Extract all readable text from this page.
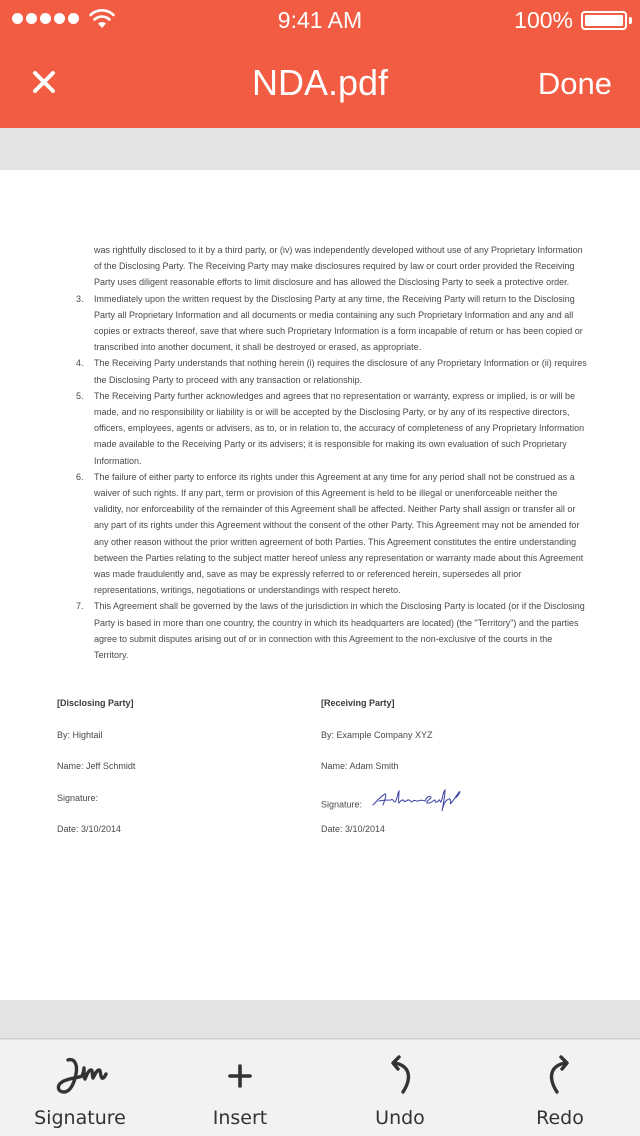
9:41 AM	100%
NDA.pdf	Done

was rightfully disclosed to it by a third party, or (iv) was independently developed without use of any Proprietary Information of the Disclosing Party. The Receiving Party may make disclosures required by law or court order provided the Receiving Party uses diligent reasonable efforts to limit disclosure and has allowed the Disclosing Party to seek a protective order.

3. Immediately upon the written request by the Disclosing Party at any time, the Receiving Party will return to the Disclosing Party all Proprietary Information and all documents or media containing any such Proprietary Information and any and all copies or extracts thereof, save that where such Proprietary Information is a form incapable of return or has been copied or transcribed into another document, it shall be destroyed or erased, as appropriate.

4. The Receiving Party understands that nothing herein (i) requires the disclosure of any Proprietary Information or (ii) requires the Disclosing Party to proceed with any transaction or relationship.

5. The Receiving Party further acknowledges and agrees that no representation or warranty, express or implied, is or will be made, and no responsibility or liability is or will be accepted by the Disclosing Party, or by any of its respective directors, officers, employees, agents or advisers, as to, or in relation to, the accuracy of completeness of any Proprietary Information made available to the Receiving Party or its advisers; it is responsible for making its own evaluation of such Proprietary Information.

6. The failure of either party to enforce its rights under this Agreement at any time for any period shall not be construed as a waiver of such rights. If any part, term or provision of this Agreement is held to be illegal or unenforceable neither the validity, nor enforceability of the remainder of this Agreement shall be affected. Neither Party shall assign or transfer all or any part of its rights under this Agreement without the consent of the other Party. This Agreement may not be amended for any other reason without the prior written agreement of both Parties. This Agreement constitutes the entire understanding between the Parties relating to the subject matter hereof unless any representation or warranty made about this Agreement was made fraudulently and, save as may be expressly referred to or referenced herein, supersedes all prior representations, writings, negotiations or understandings with respect hereto.

7. This Agreement shall be governed by the laws of the jurisdiction in which the Disclosing Party is located (or if the Disclosing Party is based in more than one country, the country in which its headquarters are located) (the "Territory") and the parties agree to submit disputes arising out of or in connection with this Agreement to the non-exclusive of the courts in the Territory.

[Disclosing Party]
By: Hightail
Name: Jeff Schmidt
Signature:
Date: 3/10/2014
[Receiving Party]
By: Example Company XYZ
Name: Adam Smith
Signature:
Date: 3/10/2014
Signature	Insert	Undo	Redo
